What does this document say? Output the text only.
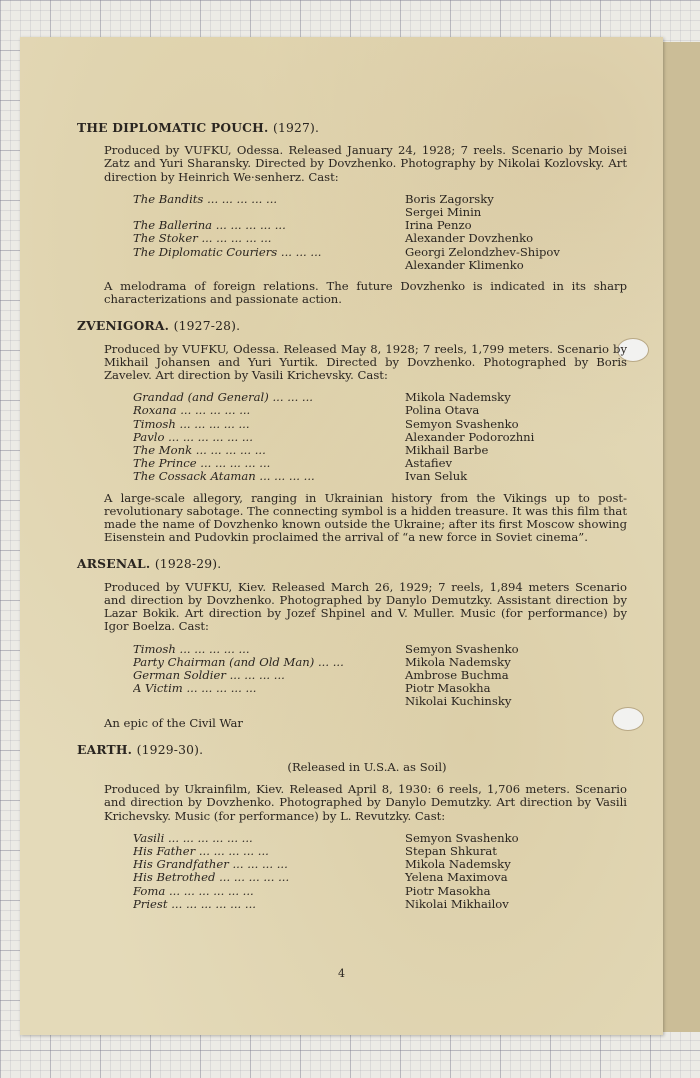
THE DIPLOMATIC POUCH. (1927).

Produced by VUFKU, Odessa. Released January 24, 1928; 7 reels. Scenario by Moisei Zatz and Yuri Sharansky. Directed by Dovzhenko. Photography by Nikolai Kozlovsky. Art direction by Heinrich We·senherz. Cast:

The Bandits ... ... ... ... ...	Boris Zagorsky
	Sergei Minin
The Ballerina ... ... ... ... ...	Irina Penzo
The Stoker ... ... ... ... ...	Alexander Dovzhenko
The Diplomatic Couriers ... ... ...	Georgi Zelondzhev-Shipov
	Alexander Klimenko

A melodrama of foreign relations. The future Dovzhenko is indicated in its sharp characterizations and passionate action.

ZVENIGORA. (1927-28).

Produced by VUFKU, Odessa. Released May 8, 1928; 7 reels, 1,799 meters. Scenario by Mikhail Johansen and Yuri Yurtik. Directed by Dovzhenko. Photographed by Boris Zavelev. Art direction by Vasili Krichevsky. Cast:

Grandad (and General) ... ... ...	Mikola Nademsky
Roxana ... ... ... ... ...	Polina Otava
Timosh ... ... ... ... ...	Semyon Svashenko
Pavlo ... ... ... ... ... ...	Alexander Podorozhni
The Monk ... ... ... ... ...	Mikhail Barbe
The Prince ... ... ... ... ...	Astafiev
The Cossack Ataman ... ... ... ...	Ivan Seluk

A large-scale allegory, ranging in Ukrainian history from the Vikings up to post-revolutionary sabotage. The connecting symbol is a hidden treasure. It was this film that made the name of Dovzhenko known outside the Ukraine; after its first Moscow showing Eisenstein and Pudovkin proclaimed the arrival of “a new force in Soviet cinema”.

ARSENAL. (1928-29).

Produced by VUFKU, Kiev. Released March 26, 1929; 7 reels, 1,894 meters Scenario and direction by Dovzhenko. Photographed by Danylo Demutzky. Assistant direction by Lazar Bokik. Art direction by Jozef Shpinel and V. Muller. Music (for performance) by Igor Boelza. Cast:

Timosh ... ... ... ... ...	Semyon Svashenko
Party Chairman (and Old Man) ... ...	Mikola Nademsky
German Soldier ... ... ... ...	Ambrose Buchma
A Victim ... ... ... ... ...	Piotr Masokha
	Nikolai Kuchinsky

An epic of the Civil War

EARTH. (1929-30).

(Released in U.S.A. as Soil)

Produced by Ukrainfilm, Kiev. Released April 8, 1930: 6 reels, 1,706 meters. Scenario and direction by Dovzhenko. Photographed by Danylo Demutzky. Art direction by Vasili Krichevsky. Music (for performance) by L. Revutzky. Cast:

Vasili ... ... ... ... ... ...	Semyon Svashenko
His Father ... ... ... ... ...	Stepan Shkurat
His Grandfather ... ... ... ...	Mikola Nademsky
His Betrothed ... ... ... ... ...	Yelena Maximova
Foma ... ... ... ... ... ...	Piotr Masokha
Priest ... ... ... ... ... ...	Nikolai Mikhailov
4
